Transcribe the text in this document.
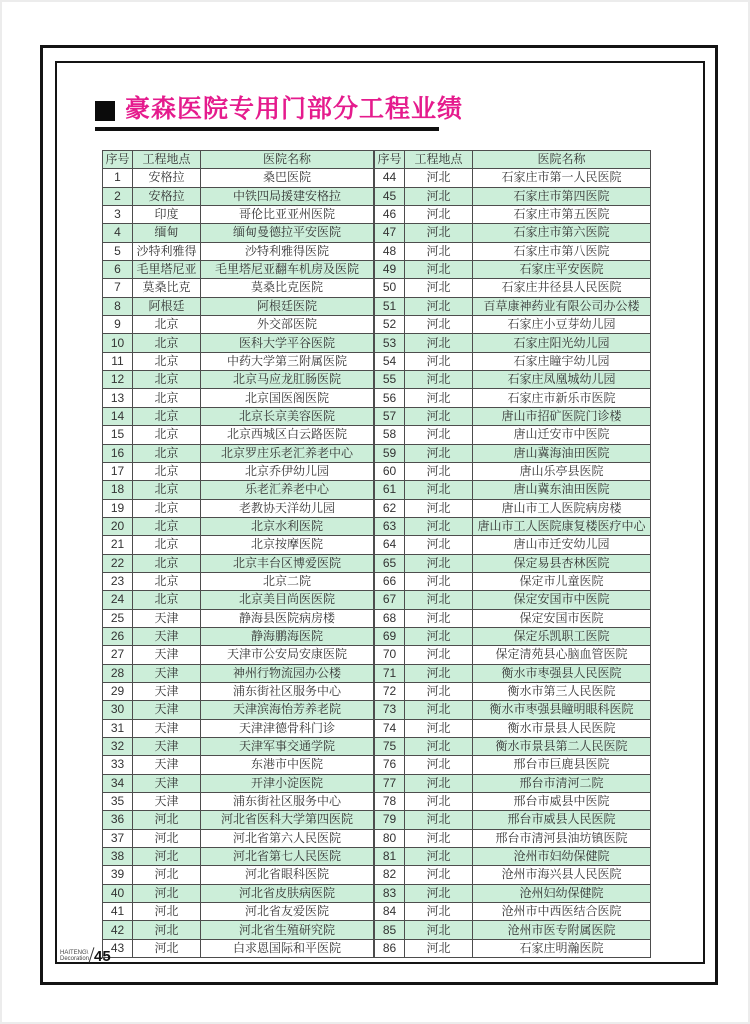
豪森医院专用门部分工程业绩
序号	工程地点	医院名称
1	安格拉	桑巴医院
2	安格拉	中铁四局援建安格拉
3	印度	哥伦比亚亚州医院
4	缅甸	缅甸曼德拉平安医院
5	沙特利雅得	沙特利雅得医院
6	毛里塔尼亚	毛里塔尼亚翻车机房及医院
7	莫桑比克	莫桑比克医院
8	阿根廷	阿根廷医院
9	北京	外交部医院
10	北京	医科大学平谷医院
11	北京	中药大学第三附属医院
12	北京	北京马应龙肛肠医院
13	北京	北京国医阁医院
14	北京	北京长京美容医院
15	北京	北京西城区白云路医院
16	北京	北京罗庄乐老汇养老中心
17	北京	北京乔伊幼儿园
18	北京	乐老汇养老中心
19	北京	老教协天洋幼儿园
20	北京	北京水利医院
21	北京	北京按摩医院
22	北京	北京丰台区博爱医院
23	北京	北京二院
24	北京	北京美目尚医医院
25	天津	静海县医院病房楼
26	天津	静海鹏海医院
27	天津	天津市公安局安康医院
28	天津	神州行物流园办公楼
29	天津	浦东街社区服务中心
30	天津	天津滨海怡芳养老院
31	天津	天津津德骨科门诊
32	天津	天津军事交通学院
33	天津	东港市中医院
34	天津	开津小淀医院
35	天津	浦东街社区服务中心
36	河北	河北省医科大学第四医院
37	河北	河北省第六人民医院
38	河北	河北省第七人民医院
39	河北	河北省眼科医院
40	河北	河北省皮肤病医院
41	河北	河北省友爱医院
42	河北	河北省生殖研究院
43	河北	白求恩国际和平医院
序号	工程地点	医院名称
44	河北	石家庄市第一人民医院
45	河北	石家庄市第四医院
46	河北	石家庄市第五医院
47	河北	石家庄市第六医院
48	河北	石家庄市第八医院
49	河北	石家庄平安医院
50	河北	石家庄井径县人民医院
51	河北	百草康神药业有限公司办公楼
52	河北	石家庄小豆芽幼儿园
53	河北	石家庄阳光幼儿园
54	河北	石家庄瞳宇幼儿园
55	河北	石家庄凤凰城幼儿园
56	河北	石家庄市新乐市医院
57	河北	唐山市招矿医院门诊楼
58	河北	唐山迁安市中医院
59	河北	唐山冀海油田医院
60	河北	唐山乐亭县医院
61	河北	唐山冀东油田医院
62	河北	唐山市工人医院病房楼
63	河北	唐山市工人医院康复楼医疗中心
64	河北	唐山市迁安幼儿园
65	河北	保定易县杏林医院
66	河北	保定市儿童医院
67	河北	保定安国市中医院
68	河北	保定安国市医院
69	河北	保定乐凯职工医院
70	河北	保定清苑县心脑血管医院
71	河北	衡水市枣强县人民医院
72	河北	衡水市第三人民医院
73	河北	衡水市枣强县瞳明眼科医院
74	河北	衡水市景县人民医院
75	河北	衡水市景县第二人民医院
76	河北	邢台市巨鹿县医院
77	河北	邢台市清河二院
78	河北	邢台市威县中医院
79	河北	邢台市威县人民医院
80	河北	邢台市清河县油坊镇医院
81	河北	沧州市妇幼保健院
82	河北	沧州市海兴县人民医院
83	河北	沧州妇幼保健院
84	河北	沧州市中西医结合医院
85	河北	沧州市医专附属医院
86	河北	石家庄明瀚医院
HAITENG\
Decoration 45
